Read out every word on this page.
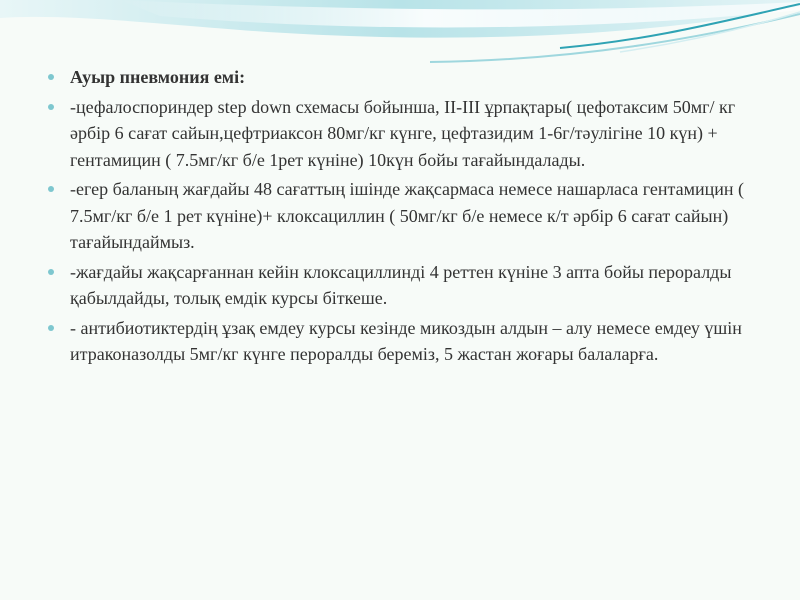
Ауыр пневмония емі:
-цефалоспориндер step down схемасы бойынша, II-III ұрпақтары( цефотаксим 50мг/ кг әрбір 6 сағат сайын,цефтриаксон 80мг/кг күнге, цефтазидим 1-6г/тәулігіне 10 күн) + гентамицин ( 7.5мг/кг б/е 1рет күніне) 10күн бойы тағайындалады.
-егер баланың жағдайы 48 сағаттың ішінде жақсармаса немесе нашарласа гентамицин ( 7.5мг/кг б/е 1 рет күніне)+ клоксациллин ( 50мг/кг б/е немесе к/т әрбір 6 сағат сайын) тағайындаймыз.
-жағдайы жақсарғаннан кейін клоксациллинді 4 реттен күніне 3 апта бойы пероралды қабылдайды, толық емдік курсы біткеше.
- антибиотиктердің ұзақ емдеу курсы кезінде микоздын алдын – алу немесе емдеу үшін итраконазолды 5мг/кг күнге пероралды береміз, 5 жастан жоғары балаларға.
